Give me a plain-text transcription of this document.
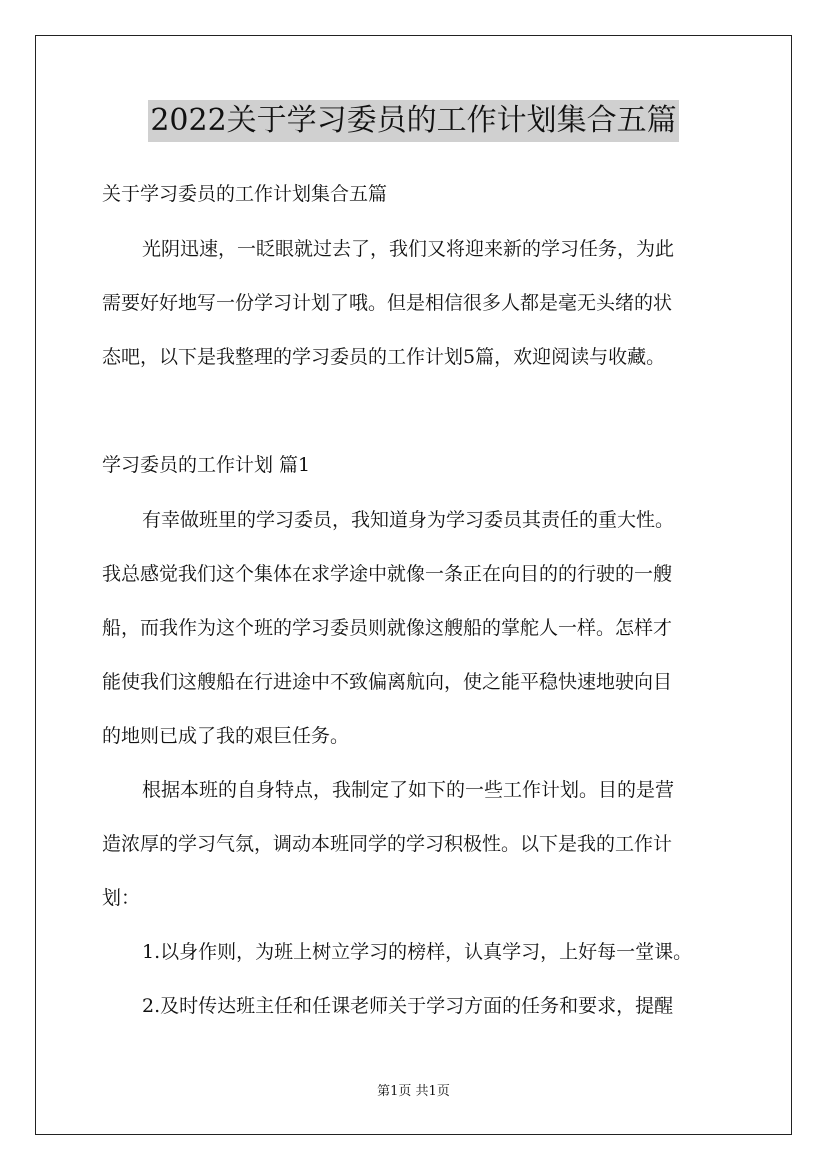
2022关于学习委员的工作计划集合五篇
关于学习委员的工作计划集合五篇
光阴迅速，一眨眼就过去了，我们又将迎来新的学习任务，为此
需要好好地写一份学习计划了哦。但是相信很多人都是毫无头绪的状
态吧，以下是我整理的学习委员的工作计划5篇，欢迎阅读与收藏。
学习委员的工作计划 篇1
有幸做班里的学习委员，我知道身为学习委员其责任的重大性。
我总感觉我们这个集体在求学途中就像一条正在向目的的行驶的一艘
船，而我作为这个班的学习委员则就像这艘船的掌舵人一样。怎样才
能使我们这艘船在行进途中不致偏离航向，使之能平稳快速地驶向目
的地则已成了我的艰巨任务。
根据本班的自身特点，我制定了如下的一些工作计划。目的是营
造浓厚的学习气氛，调动本班同学的学习积极性。以下是我的工作计
划：
1.以身作则，为班上树立学习的榜样，认真学习，上好每一堂课。
2.及时传达班主任和任课老师关于学习方面的任务和要求，提醒
第1页 共1页
